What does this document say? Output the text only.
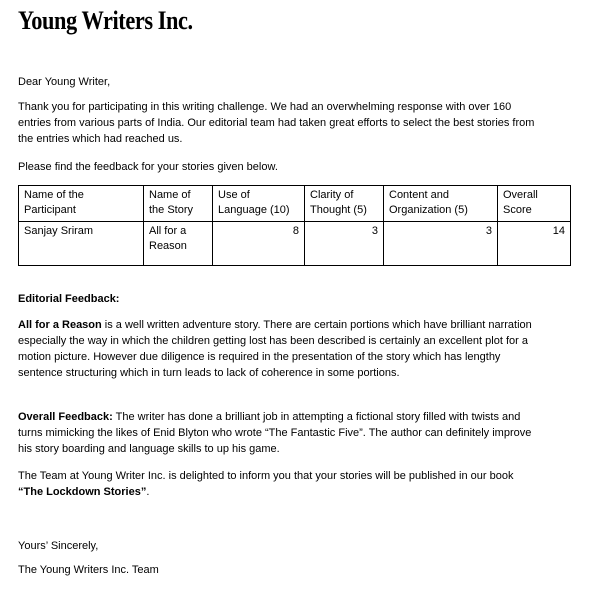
Young Writers Inc.

Dear Young Writer,

Thank you for participating in this writing challenge. We had an overwhelming response with over 160 entries from various parts of India. Our editorial team had taken great efforts to select the best stories from the entries which had reached us.

Please find the feedback for your stories given below.

Name of the Participant	Name of the Story	Use of Language (10)	Clarity of Thought (5)	Content and Organization (5)	Overall Score
Sanjay Sriram	All for a Reason	8	3	3	14

Editorial Feedback:

All for a Reason is a well written adventure story. There are certain portions which have brilliant narration especially the way in which the children getting lost has been described is certainly an excellent plot for a motion picture. However due diligence is required in the presentation of the story which has lengthy sentence structuring which in turn leads to lack of coherence in some portions.

Overall Feedback: The writer has done a brilliant job in attempting a fictional story filled with twists and turns mimicking the likes of Enid Blyton who wrote “The Fantastic Five”. The author can definitely improve his story boarding and language skills to up his game.

The Team at Young Writer Inc. is delighted to inform you that your stories will be published in our book “The Lockdown Stories”.

Yours’ Sincerely,

The Young Writers Inc. Team
